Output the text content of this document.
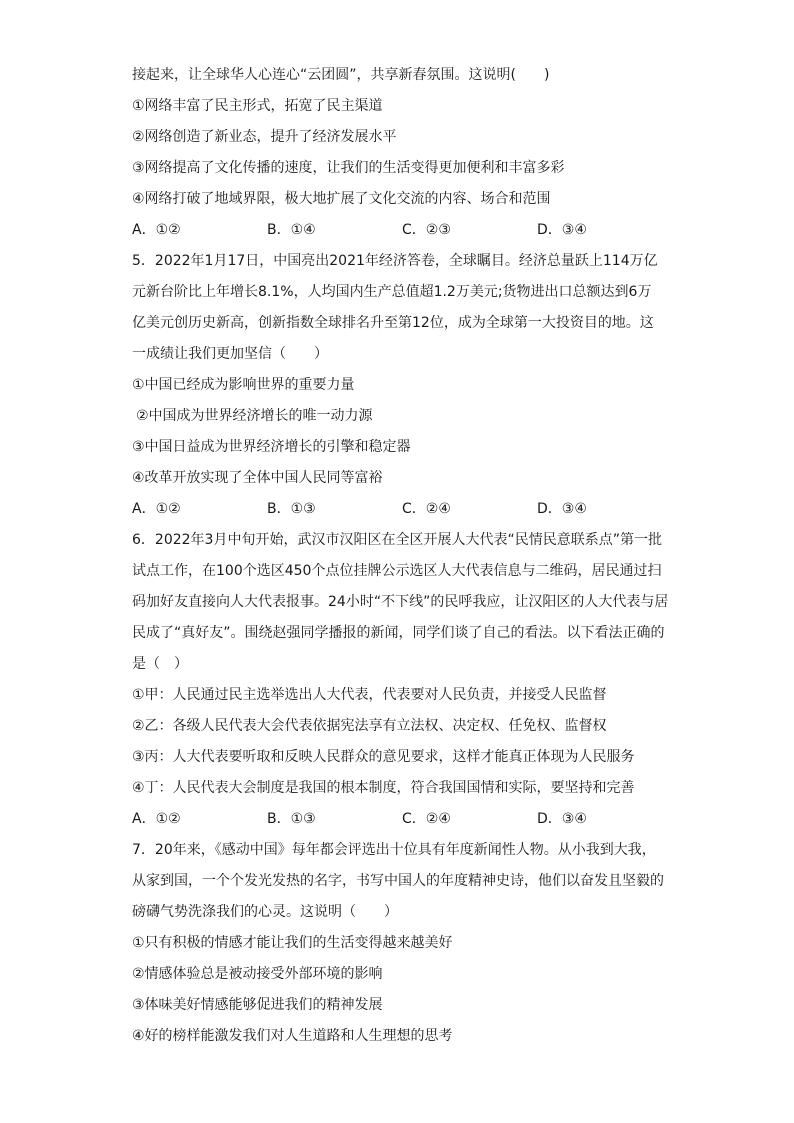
接起来，让全球华人心连心“云团圆”，共享新春氛围。这说明(　　)
①网络丰富了民主形式，拓宽了民主渠道
②网络创造了新业态，提升了经济发展水平
③网络提高了文化传播的速度，让我们的生活变得更加便利和丰富多彩
④网络打破了地域界限，极大地扩展了文化交流的内容、场合和范围
A．①②	B．①④	C．②③	D．③④
5．2022年1月17日，中国亮出2021年经济答卷，全球瞩目。经济总量跃上114万亿
元新台阶比上年增长8.1%，人均国内生产总值超1.2万美元;货物进出口总额达到6万
亿美元创历史新高，创新指数全球排名升至第12位，成为全球第一大投资目的地。这
一成绩让我们更加坚信（　　）
①中国已经成为影响世界的重要力量
②中国成为世界经济增长的唯一动力源
③中国日益成为世界经济增长的引擎和稳定器
④改革开放实现了全体中国人民同等富裕
A．①②	B．①③	C．②④	D．③④
6．2022年3月中旬开始，武汉市汉阳区在全区开展人大代表“民情民意联系点”第一批
试点工作，在100个选区450个点位挂牌公示选区人大代表信息与二维码，居民通过扫
码加好友直接向人大代表报事。24小时“不下线”的民呼我应，让汉阳区的人大代表与居
民成了“真好友”。围绕赵强同学播报的新闻，同学们谈了自己的看法。以下看法正确的
是（　）
①甲：人民通过民主选举选出人大代表，代表要对人民负责，并接受人民监督
②乙：各级人民代表大会代表依据宪法享有立法权、决定权、任免权、监督权
③丙：人大代表要听取和反映人民群众的意见要求，这样才能真正体现为人民服务
④丁：人民代表大会制度是我国的根本制度，符合我国国情和实际，要坚持和完善
A．①②	B．①③	C．②④	D．③④
7．20年来，《感动中国》每年都会评选出十位具有年度新闻性人物。从小我到大我，
从家到国，一个个发光发热的名字，书写中国人的年度精神史诗，他们以奋发且坚毅的
磅礴气势洗涤我们的心灵。这说明（　　）
①只有积极的情感才能让我们的生活变得越来越美好
②情感体验总是被动接受外部环境的影响
③体味美好情感能够促进我们的精神发展
④好的榜样能激发我们对人生道路和人生理想的思考
